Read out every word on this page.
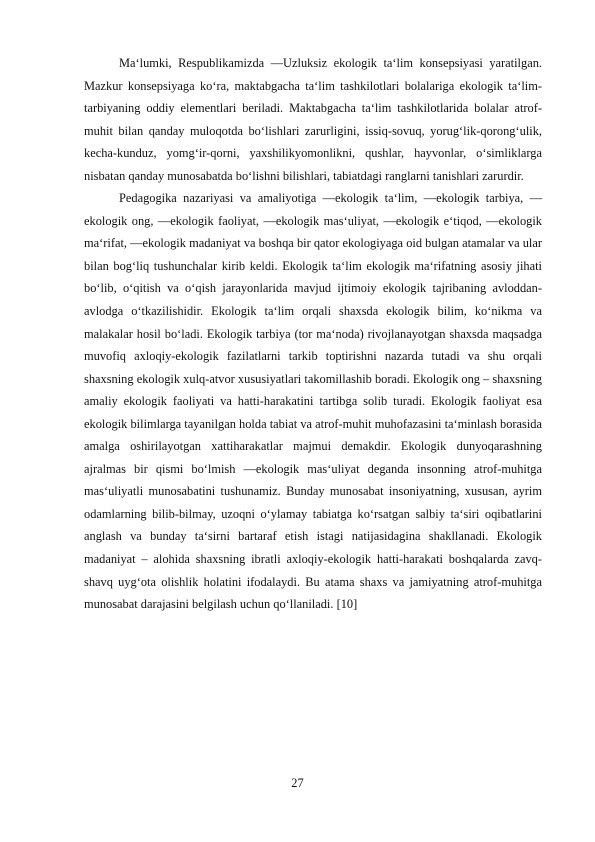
Ma‘lumki, Respublikamizda —Uzluksiz ekologik ta‘lim konsepsiyasi yaratilgan. Mazkur konsepsiyaga ko‘ra, maktabgacha ta‘lim tashkilotlari bolalariga ekologik ta‘lim-tarbiyaning oddiy elementlari beriladi. Maktabgacha ta‘lim tashkilotlarida bolalar atrof-muhit bilan qanday muloqotda bo‘lishlari zarurligini, issiq-sovuq, yorug‘lik-qorong‘ulik, kecha-kunduz, yomg‘ir-qorni, yaxshilikyomonlikni, qushlar, hayvonlar, o‘simliklarga nisbatan qanday munosabatda bo‘lishni bilishlari, tabiatdagi ranglarni tanishlari zarurdir.

Pedagogika nazariyasi va amaliyotiga —ekologik ta‘lim, —ekologik tarbiya, —ekologik ong, —ekologik faoliyat, —ekologik mas‘uliyat, —ekologik e‘tiqod, —ekologik ma‘rifat, —ekologik madaniyat va boshqa bir qator ekologiyaga oid bulgan atamalar va ular bilan bog‘liq tushunchalar kirib keldi. Ekologik ta‘lim ekologik ma‘rifatning asosiy jihati bo‘lib, o‘qitish va o‘qish jarayonlarida mavjud ijtimoiy ekologik tajribaning avloddan-avlodga o‘tkazilishidir. Ekologik ta‘lim orqali shaxsda ekologik bilim, ko‘nikma va malakalar hosil bo‘ladi. Ekologik tarbiya (tor ma‘noda) rivojlanayotgan shaxsda maqsadga muvofiq axloqiy-ekologik fazilatlarni tarkib toptirishni nazarda tutadi va shu orqali shaxsning ekologik xulq-atvor xususiyatlari takomillashib boradi. Ekologik ong – shaxsning amaliy ekologik faoliyati va hatti-harakatini tartibga solib turadi. Ekologik faoliyat esa ekologik bilimlarga tayanilgan holda tabiat va atrof-muhit muhofazasini ta‘minlash borasida amalga oshirilayotgan xattiharakatlar majmui demakdir. Ekologik dunyoqarashning ajralmas bir qismi bo‘lmish —ekologik mas‘uliyat deganda insonning atrof-muhitga mas‘uliyatli munosabatini tushunamiz. Bunday munosabat insoniyatning, xususan, ayrim odamlarning bilib-bilmay, uzoqni o‘ylamay tabiatga ko‘rsatgan salbiy ta‘siri oqibatlarini anglash va bunday ta‘sirni bartaraf etish istagi natijasidagina shakllanadi. Ekologik madaniyat – alohida shaxsning ibratli axloqiy-ekologik hatti-harakati boshqalarda zavq-shavq uyg‘ota olishlik holatini ifodalaydi. Bu atama shaxs va jamiyatning atrof-muhitga munosabat darajasini belgilash uchun qo‘llaniladi. [10]

27
